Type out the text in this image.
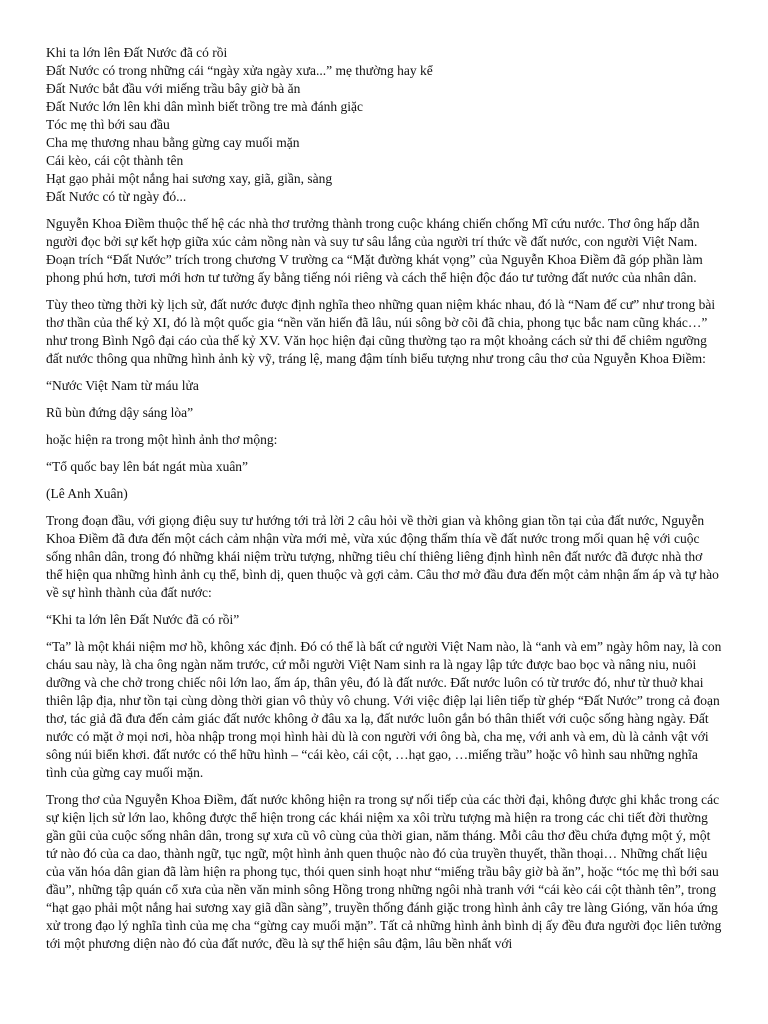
Khi ta lớn lên Đất Nước đã có rồi

Đất Nước có trong những cái “ngày xửa ngày xưa...” mẹ thường hay kể

Đất Nước bắt đầu với miếng trầu bây giờ bà ăn

Đất Nước lớn lên khi dân mình biết trồng tre mà đánh giặc

Tóc mẹ thì bới sau đầu

Cha mẹ thương nhau bằng gừng cay muối mặn

Cái kèo, cái cột thành tên

Hạt gạo phải một nắng hai sương xay, giã, giần, sàng

Đất Nước có từ ngày đó...

Nguyễn Khoa Điềm thuộc thế hệ các nhà thơ trưởng thành trong cuộc kháng chiến chống Mĩ cứu nước. Thơ ông hấp dẫn người đọc bởi sự kết hợp giữa xúc cảm nồng nàn và suy tư sâu lắng của người trí thức về đất nước, con người Việt Nam. Đoạn trích “Đất Nước” trích trong chương V trường ca “Mặt đường khát vọng” của Nguyễn Khoa Điềm đã góp phần làm phong phú hơn, tươi mới hơn tư tưởng ấy bằng tiếng nói riêng và cách thể hiện độc đáo tư tưởng đất nước của nhân dân.

Tùy theo từng thời kỳ lịch sử, đất nước được định nghĩa theo những quan niệm khác nhau, đó là “Nam đế cư” như trong bài thơ thần của thế kỷ XI, đó là một quốc gia “nền văn hiến đã lâu, núi sông bờ cõi đã chia, phong tục bắc nam cũng khác…” như trong Bình Ngô đại cáo của thế kỷ XV. Văn học hiện đại cũng thường tạo ra một khoảng cách sử thi để chiêm ngưỡng đất nước thông qua những hình ảnh kỳ vỹ, tráng lệ, mang đậm tính biểu tượng như trong câu thơ của Nguyễn Khoa Điềm:

“Nước Việt Nam từ máu lửa

Rũ bùn đứng dậy sáng lòa”

hoặc hiện ra trong một hình ảnh thơ mộng:

“Tổ quốc bay lên bát ngát mùa xuân”

(Lê Anh Xuân)

Trong đoạn đầu, với giọng điệu suy tư hướng tới trả lời 2 câu hỏi về thời gian và không gian tồn tại của đất nước, Nguyễn Khoa Điềm đã đưa đến một cách cảm nhận vừa mới mẻ, vừa xúc động thấm thía về đất nước trong mối quan hệ với cuộc sống nhân dân, trong đó những khái niệm trừu tượng, những tiêu chí thiêng liêng định hình nên đất nước đã được nhà thơ thể hiện qua những hình ảnh cụ thể, bình dị, quen thuộc và gợi cảm. Câu thơ mở đầu đưa đến một cảm nhận ấm áp và tự hào về sự hình thành của đất nước:

“Khi ta lớn lên Đất Nước đã có rồi”

“Ta” là một khái niệm mơ hồ, không xác định. Đó có thể là bất cứ người Việt Nam nào, là “anh và em” ngày hôm nay, là con cháu sau này, là cha ông ngàn năm trước, cứ mỗi người Việt Nam sinh ra là ngay lập tức được bao bọc và nâng niu, nuôi dưỡng và che chở trong chiếc nôi lớn lao, ấm áp, thân yêu, đó là đất nước. Đất nước luôn có từ trước đó, như từ thuở khai thiên lập địa, như tồn tại cùng dòng thời gian vô thủy vô chung. Với việc điệp lại liên tiếp từ ghép “Đất Nước” trong cả đoạn thơ, tác giả đã đưa đến cảm giác đất nước không ở đâu xa lạ, đất nước luôn gắn bó thân thiết với cuộc sống hàng ngày. Đất nước có mặt ở mọi nơi, hòa nhập trong mọi hình hài dù là con người với ông bà, cha mẹ, với anh và em, dù là cảnh vật với sông núi biển khơi. đất nước có thể hữu hình – “cái kèo, cái cột, …hạt gạo, …miếng trầu” hoặc vô hình sau những nghĩa tình của gừng cay muối mặn.

Trong thơ của Nguyễn Khoa Điềm, đất nước không hiện ra trong sự nối tiếp của các thời đại, không được ghi khắc trong các sự kiện lịch sử lớn lao, không được thể hiện trong các khái niệm xa xôi trừu tượng mà hiện ra trong các chi tiết đời thường gần gũi của cuộc sống nhân dân, trong sự xưa cũ vô cùng của thời gian, năm tháng. Mỗi câu thơ đều chứa đựng một ý, một tứ nào đó của ca dao, thành ngữ, tục ngữ, một hình ảnh quen thuộc nào đó của truyền thuyết, thần thoại… Những chất liệu của văn hóa dân gian đã làm hiện ra phong tục, thói quen sinh hoạt như “miếng trầu bây giờ bà ăn”, hoặc “tóc mẹ thì bới sau đầu”, những tập quán cổ xưa của nền văn minh sông Hồng trong những ngôi nhà tranh với “cái kèo cái cột thành tên”, trong “hạt gạo phải một nắng hai sương xay giã dần sàng”, truyền thống đánh giặc trong hình ảnh cây tre làng Gióng, văn hóa ứng xử trong đạo lý nghĩa tình của mẹ cha “gừng cay muối mặn”. Tất cả những hình ảnh bình dị ấy đều đưa người đọc liên tưởng tới một phương diện nào đó của đất nước, đều là sự thể hiện sâu đậm, lâu bền nhất với
